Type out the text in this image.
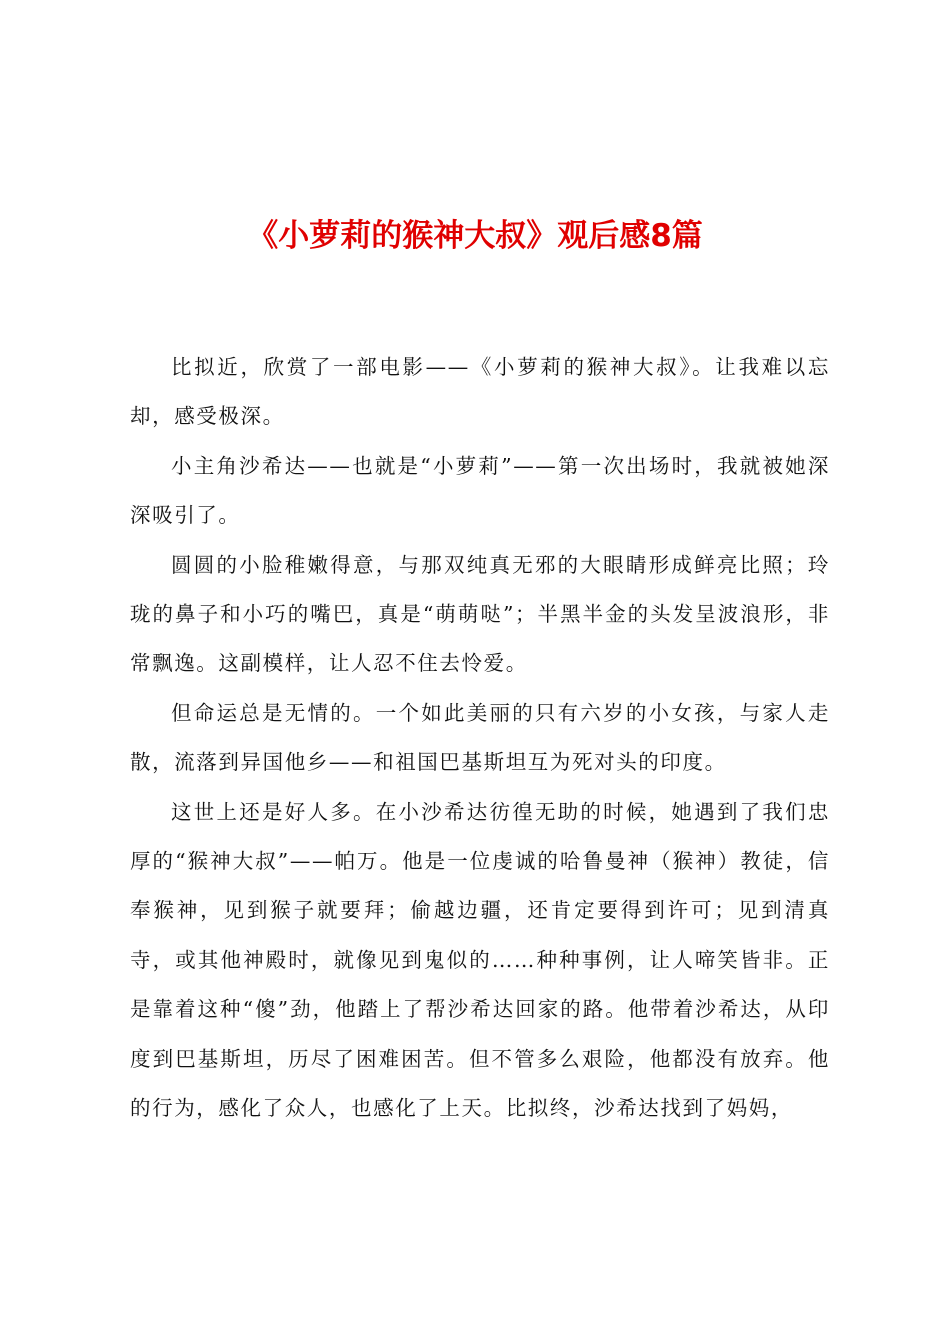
《小萝莉的猴神大叔》观后感8篇

比拟近，欣赏了一部电影——《小萝莉的猴神大叔》。让我难以忘却，感受极深。

小主角沙希达——也就是“小萝莉”——第一次出场时，我就被她深深吸引了。

圆圆的小脸稚嫩得意，与那双纯真无邪的大眼睛形成鲜亮比照；玲珑的鼻子和小巧的嘴巴，真是“萌萌哒”；半黑半金的头发呈波浪形，非常飘逸。这副模样，让人忍不住去怜爱。

但命运总是无情的。一个如此美丽的只有六岁的小女孩，与家人走散，流落到异国他乡——和祖国巴基斯坦互为死对头的印度。

这世上还是好人多。在小沙希达彷徨无助的时候，她遇到了我们忠厚的“猴神大叔”——帕万。他是一位虔诚的哈鲁曼神（猴神）教徒，信奉猴神，见到猴子就要拜；偷越边疆，还肯定要得到许可；见到清真寺，或其他神殿时，就像见到鬼似的……种种事例，让人啼笑皆非。正是靠着这种“傻”劲，他踏上了帮沙希达回家的路。他带着沙希达，从印度到巴基斯坦，历尽了困难困苦。但不管多么艰险，他都没有放弃。他的行为，感化了众人，也感化了上天。比拟终，沙希达找到了妈妈，
